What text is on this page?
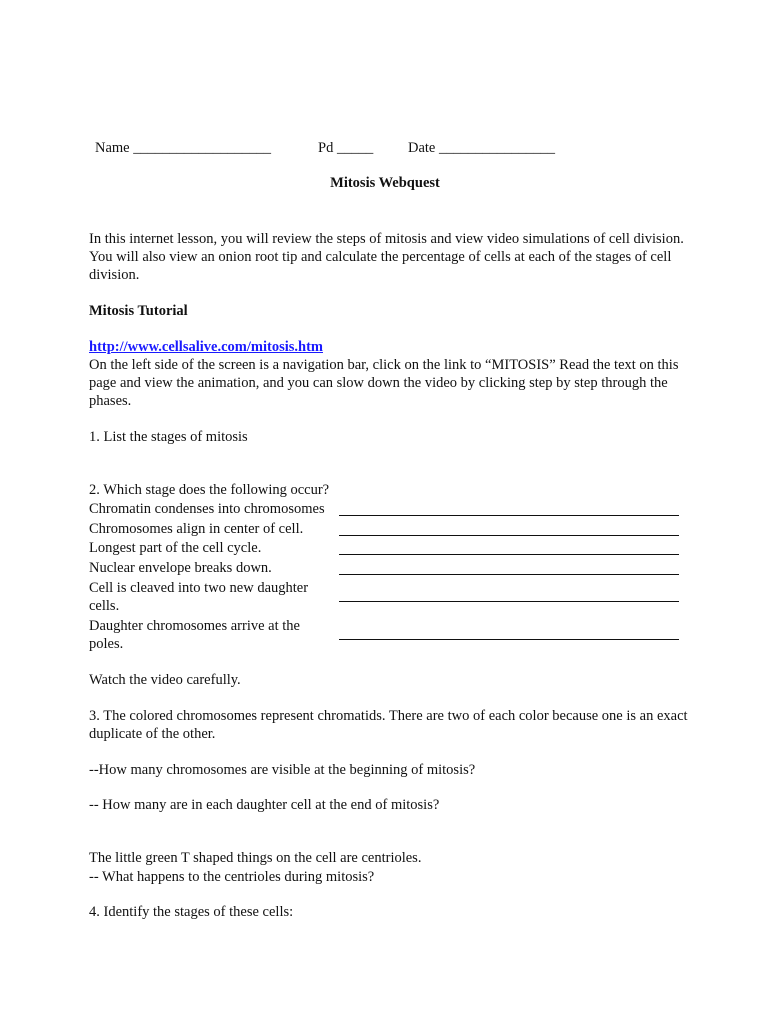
Name ___________________	Pd _____ Date ________________
Mitosis Webquest
In this internet lesson, you will review the steps of mitosis and view video simulations of cell division. You will also view an onion root tip and calculate the percentage of cells at each of the stages of cell division.
Mitosis Tutorial
http://www.cellsalive.com/mitosis.htm
On the left side of the screen is a navigation bar, click on the link to “MITOSIS” Read the text on this page and view the animation, and you can slow down the video by clicking step by step through the phases.
1. List the stages of mitosis
2. Which stage does the following occur?
Chromatin condenses into chromosomes
Chromosomes align in center of cell.
Longest part of the cell cycle.
Nuclear envelope breaks down.
Cell is cleaved into two new daughter cells.
Daughter chromosomes arrive at the poles.
Watch the video carefully.
3. The colored chromosomes represent chromatids. There are two of each color because one is an exact duplicate of the other.
--How many chromosomes are visible at the beginning of mitosis?
-- How many are in each daughter cell at the end of mitosis?
The little green T shaped things on the cell are centrioles.
-- What happens to the centrioles during mitosis?
4. Identify the stages of these cells:
